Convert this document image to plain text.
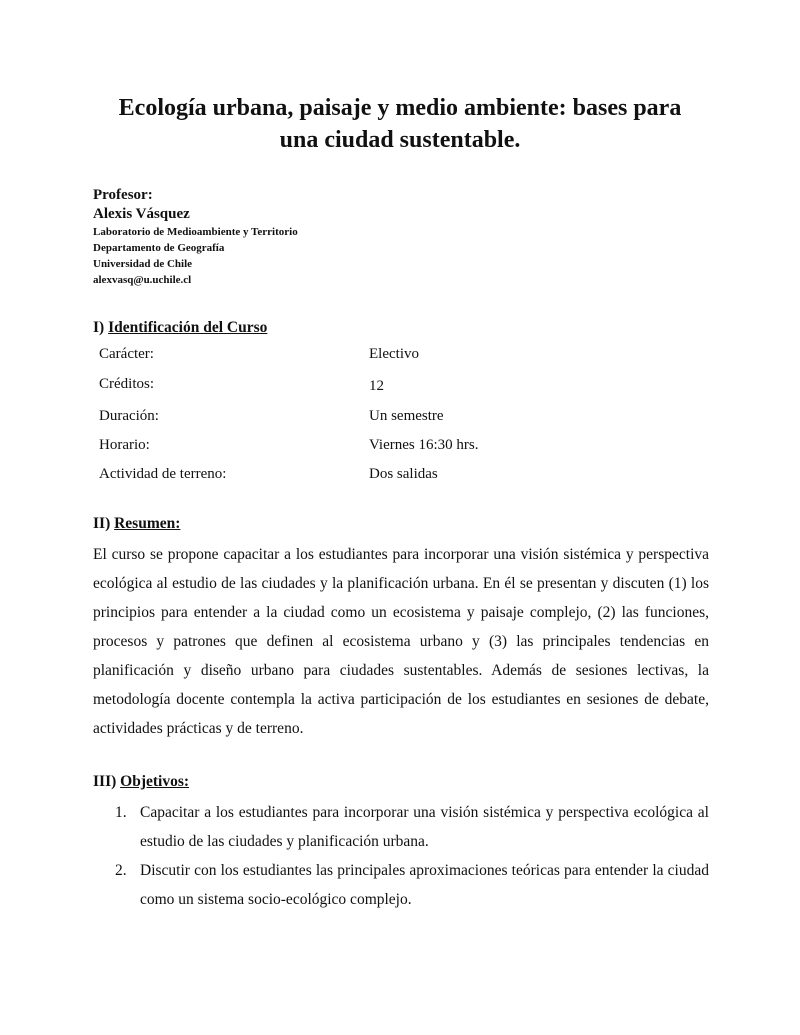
Ecología urbana, paisaje y medio ambiente: bases para
una ciudad sustentable.
Profesor:
Alexis Vásquez
Laboratorio de Medioambiente y Territorio
Departamento de Geografía
Universidad de Chile
alexvasq@u.uchile.cl
I) Identificación del Curso
Carácter:	Electivo
Créditos:	12
Duración:	Un semestre
Horario:	Viernes 16:30 hrs.
Actividad de terreno:	Dos salidas
II) Resumen:
El curso se propone capacitar a los estudiantes para incorporar una visión sistémica y perspectiva ecológica al estudio de las ciudades y la planificación urbana. En él se presentan y discuten (1) los principios para entender a la ciudad como un ecosistema y paisaje complejo, (2) las funciones, procesos y patrones que definen al ecosistema urbano y (3) las principales tendencias en planificación y diseño urbano para ciudades sustentables. Además de sesiones lectivas, la metodología docente contempla la activa participación de los estudiantes en sesiones de debate, actividades prácticas y de terreno.
III) Objetivos:
1. Capacitar a los estudiantes para incorporar una visión sistémica y perspectiva ecológica al estudio de las ciudades y planificación urbana.
2. Discutir con los estudiantes las principales aproximaciones teóricas para entender la ciudad como un sistema socio-ecológico complejo.
